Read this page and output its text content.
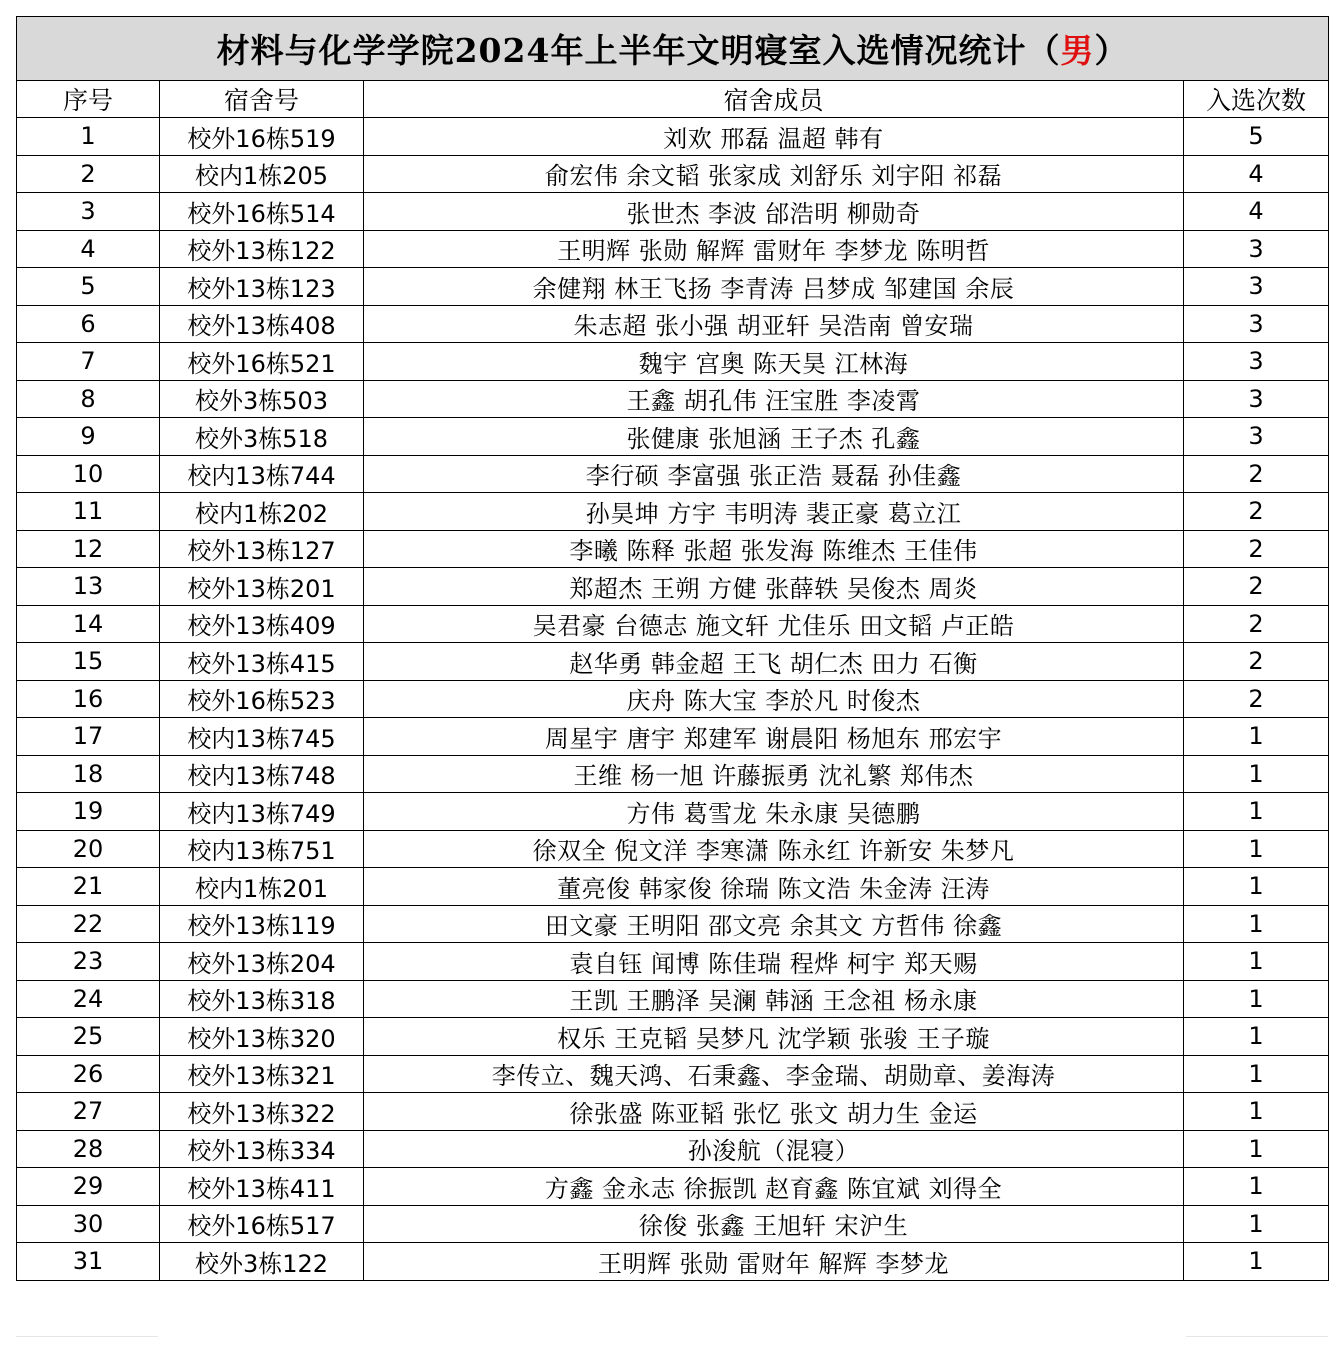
材料与化学学院2024年上半年文明寝室入选情况统计（男）			
序号	宿舍号	宿舍成员	入选次数
1	校外16栋519	刘欢 邢磊 温超 韩有	5
2	校内1栋205	俞宏伟 余文韬 张家成 刘舒乐 刘宇阳 祁磊	4
3	校外16栋514	张世杰 李波 邰浩明 柳勋奇	4
4	校外13栋122	王明辉 张勋 解辉 雷财年 李梦龙 陈明哲	3
5	校外13栋123	余健翔 林王飞扬 李青涛 吕梦成 邹建国 余辰	3
6	校外13栋408	朱志超 张小强 胡亚轩 吴浩南 曾安瑞	3
7	校外16栋521	魏宇 宫奥 陈天昊 江林海	3
8	校外3栋503	王鑫 胡孔伟 汪宝胜 李凌霄	3
9	校外3栋518	张健康 张旭涵 王子杰 孔鑫	3
10	校内13栋744	李行硕 李富强 张正浩 聂磊 孙佳鑫	2
11	校内1栋202	孙昊坤 方宇 韦明涛 裴正豪 葛立江	2
12	校外13栋127	李曦 陈释 张超 张发海 陈维杰 王佳伟	2
13	校外13栋201	郑超杰 王朔 方健 张薛轶 吴俊杰 周炎	2
14	校外13栋409	吴君豪 台德志 施文轩 尤佳乐 田文韬 卢正皓	2
15	校外13栋415	赵华勇 韩金超 王飞 胡仁杰 田力 石衡	2
16	校外16栋523	庆舟 陈大宝 李於凡 时俊杰	2
17	校内13栋745	周星宇 唐宇 郑建军 谢晨阳 杨旭东 邢宏宇	1
18	校内13栋748	王维 杨一旭 许藤振勇 沈礼繁 郑伟杰	1
19	校内13栋749	方伟 葛雪龙 朱永康 吴德鹏	1
20	校内13栋751	徐双全 倪文洋 李寒潇 陈永红 许新安 朱梦凡	1
21	校内1栋201	董亮俊 韩家俊 徐瑞 陈文浩 朱金涛 汪涛	1
22	校外13栋119	田文豪 王明阳 邵文亮 余其文 方哲伟 徐鑫	1
23	校外13栋204	袁自钰 闻博 陈佳瑞 程烨 柯宇 郑天赐	1
24	校外13栋318	王凯 王鹏泽 吴澜 韩涵 王念祖 杨永康	1
25	校外13栋320	权乐 王克韬 吴梦凡 沈学颖 张骏 王子璇	1
26	校外13栋321	李传立、魏天鸿、石秉鑫、李金瑞、胡勋章、姜海涛	1
27	校外13栋322	徐张盛 陈亚韬 张忆 张文 胡力生 金运	1
28	校外13栋334	孙浚航（混寝）	1
29	校外13栋411	方鑫 金永志 徐振凯 赵育鑫 陈宜斌 刘得全	1
30	校外16栋517	徐俊 张鑫 王旭轩 宋沪生	1
31	校外3栋122	王明辉 张勋 雷财年 解辉 李梦龙	1
